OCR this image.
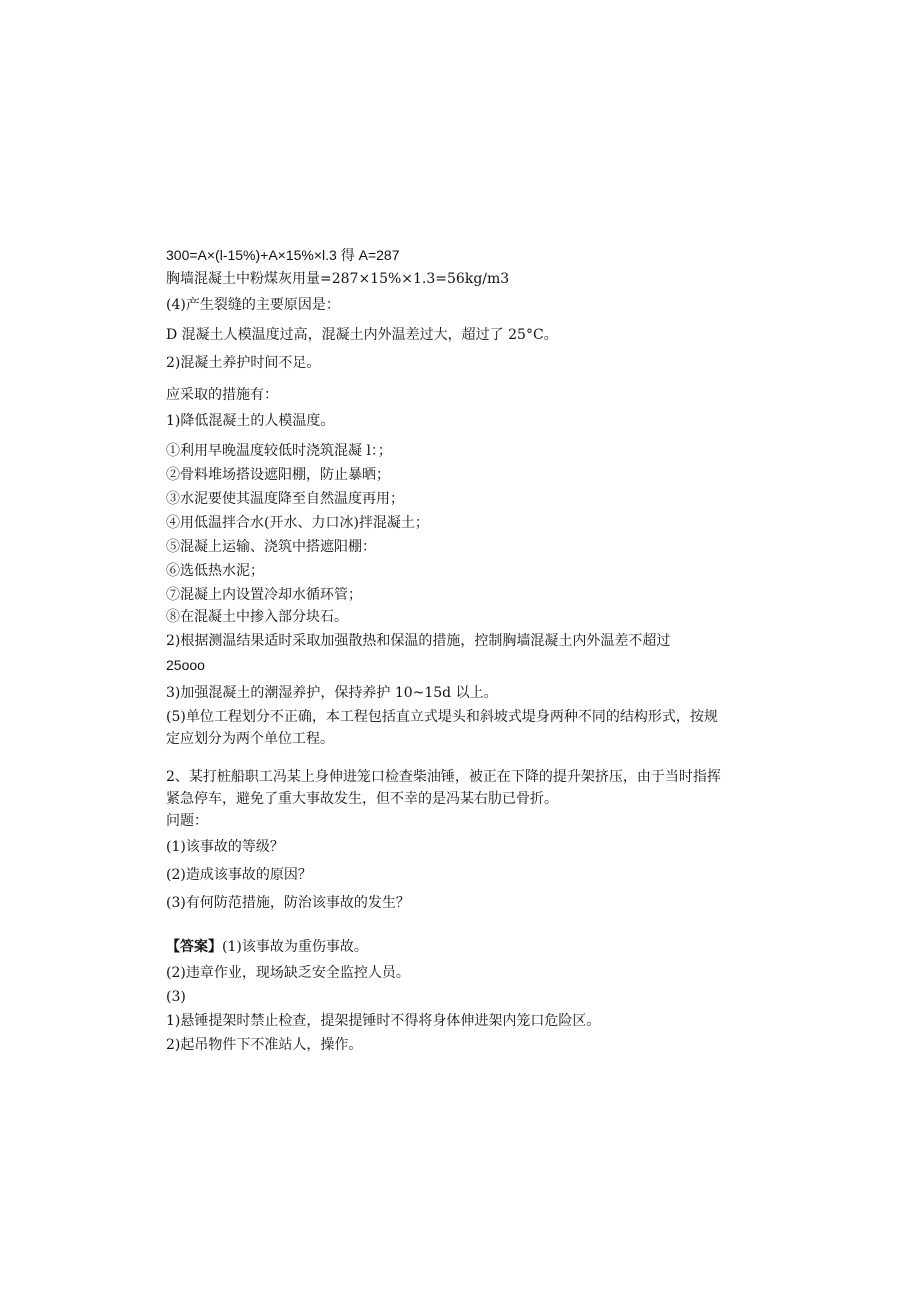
300=A×(l-15%)+A×15%×l.3 得 A=287

胸墙混凝土中粉煤灰用量=287×15%×1.3=56kg∕m3

(4)产生裂缝的主要原因是：

D 混凝土人模温度过高，混凝土内外温差过大，超过了 25°C。

2)混凝土养护时间不足。

应采取的措施有：

1)降低混凝土的人模温度。

①利用早晚温度较低时浇筑混凝 l：；

②骨料堆场搭设遮阳棚，防止暴晒；

③水泥要使其温度降至自然温度再用；

④用低温拌合水(开水、力口冰)拌混凝土；

⑤混凝上运输、浇筑中搭遮阳棚：

⑥选低热水泥；

⑦混凝上内设置冷却水循环管；

⑧在混凝土中掺入部分块石。

2)根据测温结果适时采取加强散热和保温的措施，控制胸墙混凝土内外温差不超过

25ooo

3)加强混凝土的潮湿养护，保持养护 10~15d 以上。

(5)单位工程划分不正确，本工程包括直立式堤头和斜坡式堤身两种不同的结构形式，按规

定应划分为两个单位工程。

2、某打桩船职工冯某上身伸进笼口检查柴油锤，被正在下降的提升架挤压，由于当时指挥

紧急停车，避免了重大事故发生，但不幸的是冯某右肋已骨折。

问题：

(1)该事故的等级？

(2)造成该事故的原因？

(3)有何防范措施，防治该事故的发生？

【答案】(1)该事故为重伤事故。

(2)违章作业，现场缺乏安全监控人员。

(3)

1)悬锤提架时禁止检查，提架提锤时不得将身体伸进架内笼口危险区。

2)起吊物件下不准站人，操作。
